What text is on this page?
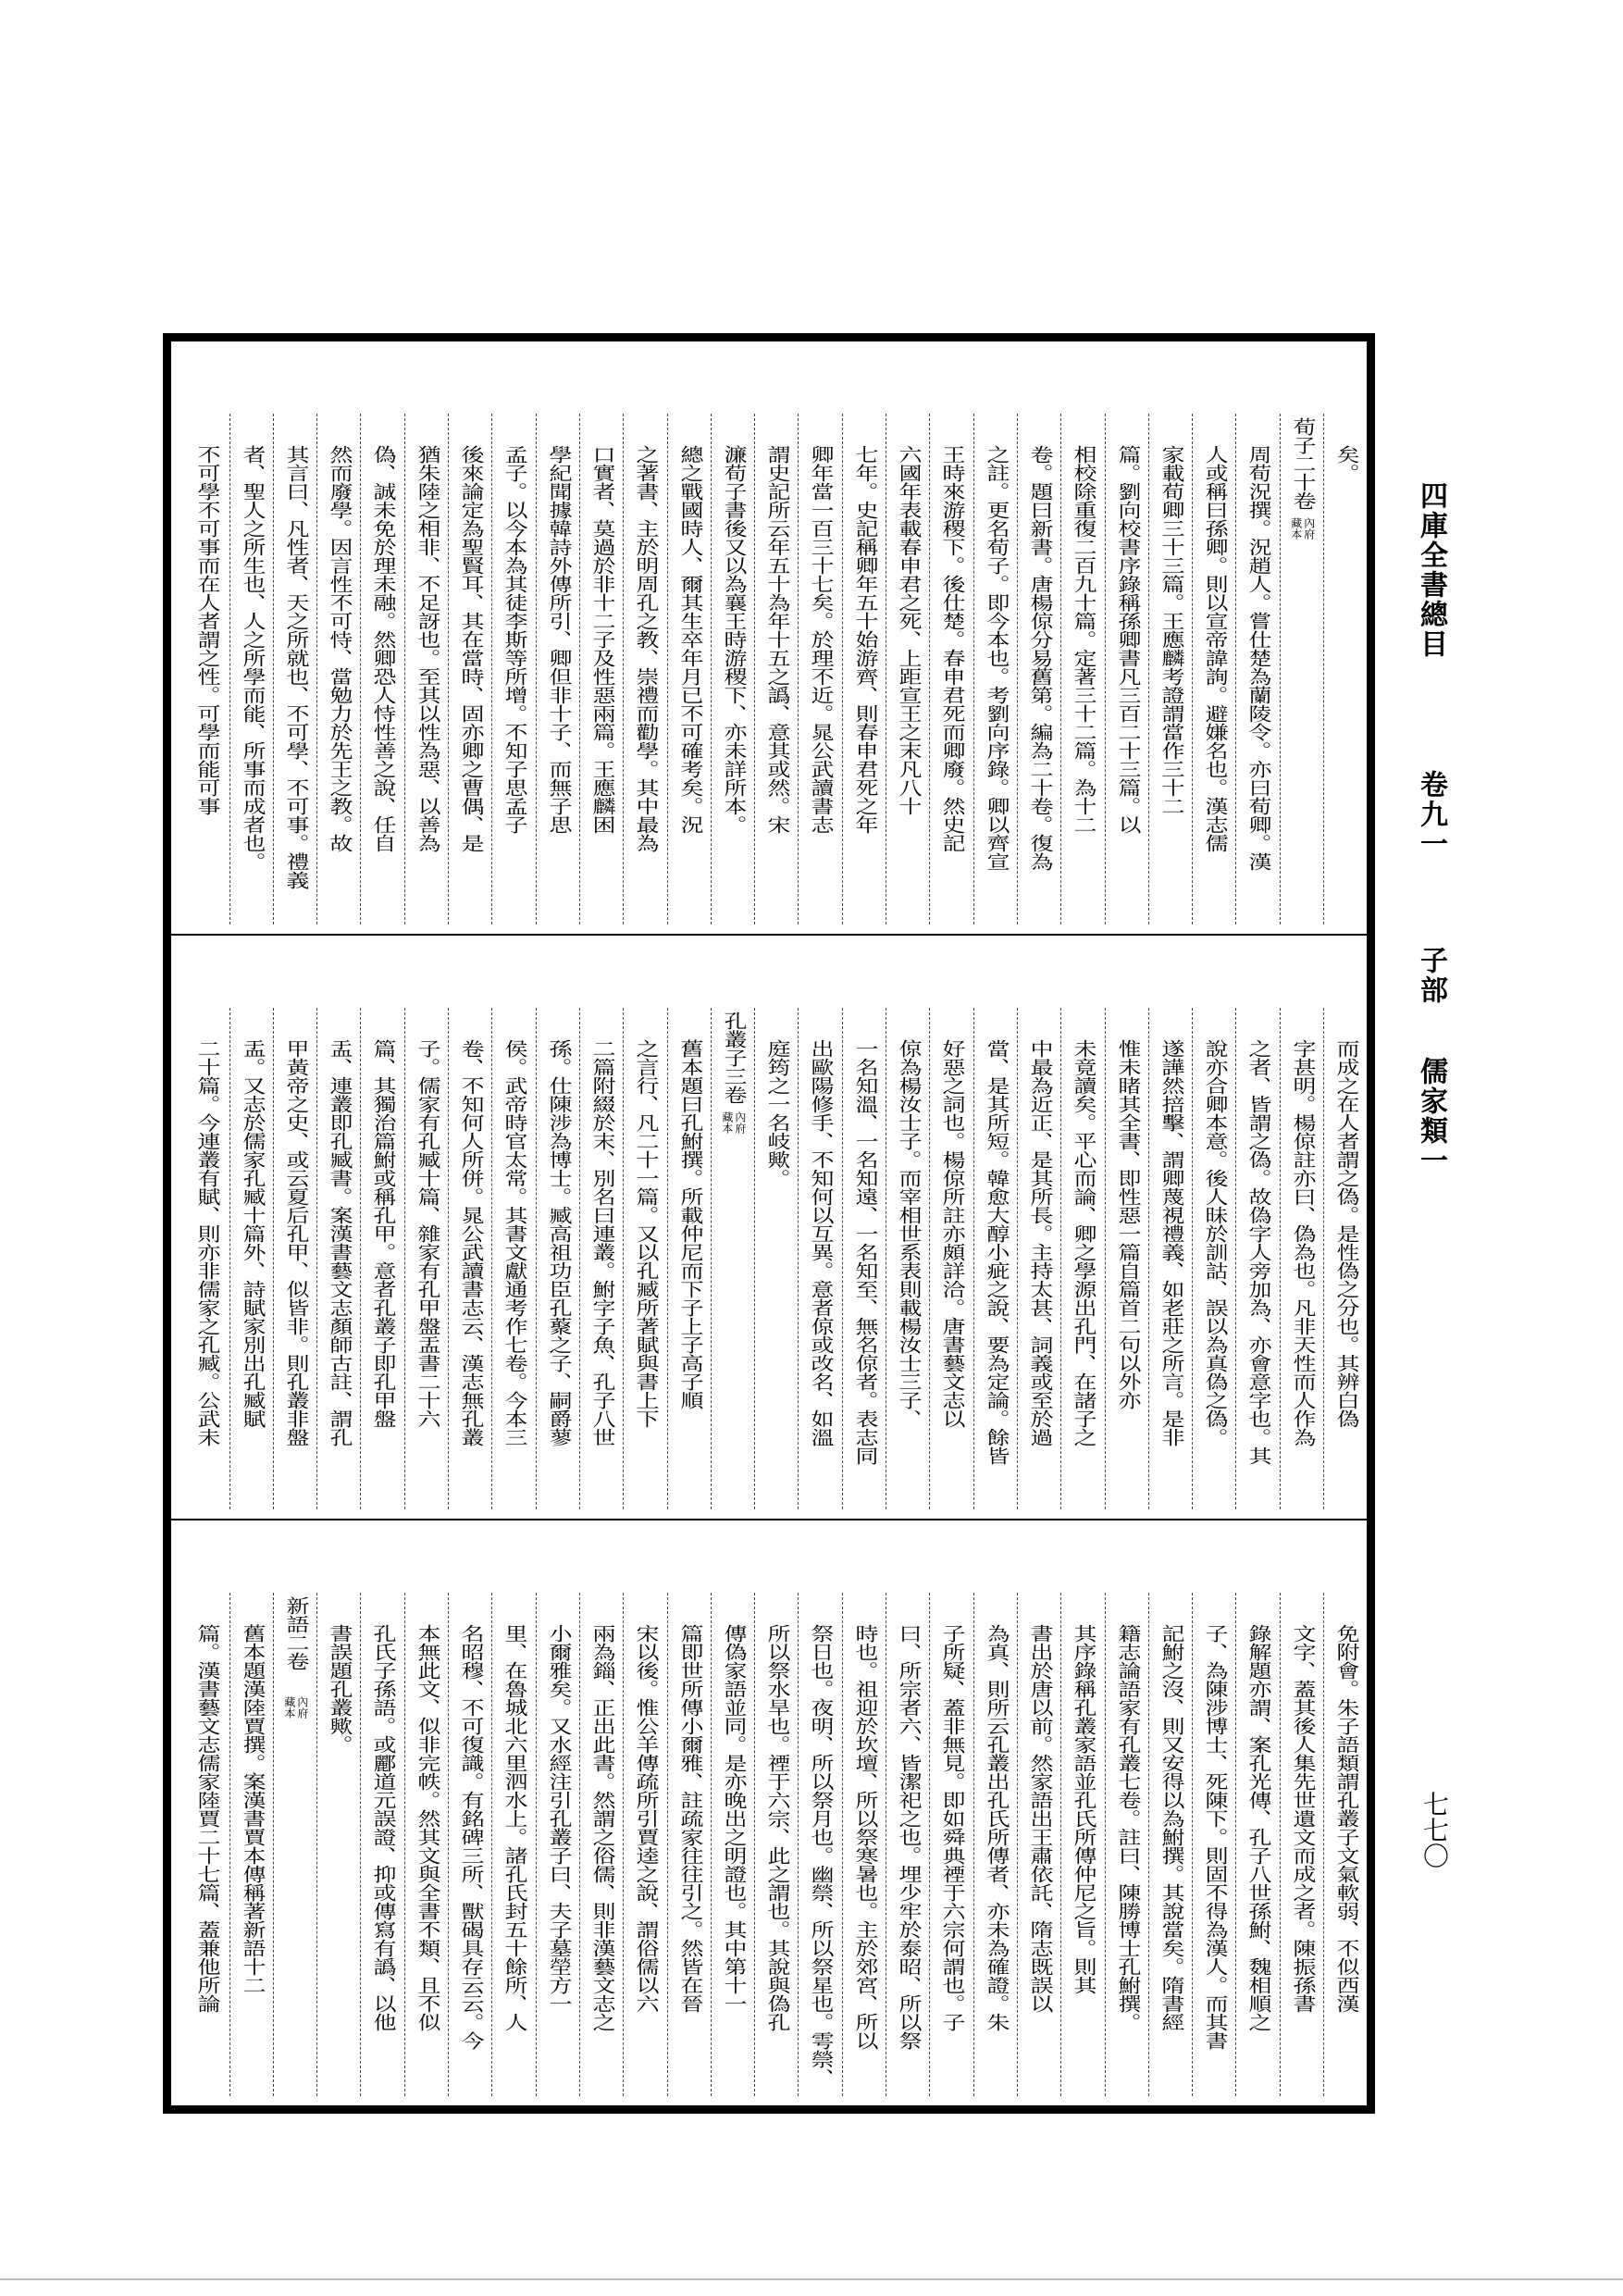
四庫全書總目
卷九一
子部
儒家類一
七七〇
矣。
荀子二十卷
內府藏本
周荀況撰。況趙人。嘗仕楚為蘭陵令。亦曰荀卿。漢
人或稱曰孫卿。則以宣帝諱詢。避嫌名也。漢志儒
家載荀卿三十三篇。王應麟考證謂當作三十二
篇。劉向校書序錄稱孫卿書凡三百二十三篇。以
相校除重復二百九十篇。定著三十二篇。為十二
卷。題曰新書。唐楊倞分易舊第。編為二十卷。復為
之註。更名荀子。即今本也。考劉向序錄。卿以齊宣
王時來游稷下。後仕楚。春申君死而卿廢。然史記
六國年表載春申君之死、上距宣王之末凡八十
七年。史記稱卿年五十始游齊、則春申君死之年
卿年當一百三十七矣。於理不近。晁公武讀書志
謂史記所云年五十為年十五之譌、意其或然。宋
濂荀子書後又以為襄王時游稷下、亦未詳所本。
總之戰國時人、爾其生卒年月已不可確考矣。況
之著書、主於明周孔之教、崇禮而勸學。其中最為
口實者、莫過於非十二子及性惡兩篇。王應麟困
學紀聞據韓詩外傳所引、卿但非十子、而無子思
孟子。以今本為其徒李斯等所增。不知子思孟子
後來論定為聖賢耳、其在當時、固亦卿之曹偶、是
猶朱陸之相非、不足訝也。至其以性為惡、以善為
偽、誠未免於理未融。然卿恐人恃性善之說、任自
然而廢學。因言性不可恃、當勉力於先王之教。故
其言曰、凡性者、天之所就也、不可學、不可事。禮義
者、聖人之所生也、人之所學而能、所事而成者也。
不可學不可事而在人者謂之性。可學而能可事
而成之在人者謂之偽。是性偽之分也。其辨白偽
字甚明。楊倞註亦曰、偽為也。凡非天性而人作為
之者、皆謂之偽。故偽字人旁加為、亦會意字也。其
說亦合卿本意。後人昧於訓詁、誤以為真偽之偽。
遂譁然掊擊、謂卿蔑視禮義、如老莊之所言。是非
惟未睹其全書、即性惡一篇自篇首二句以外亦
未竟讀矣。平心而論、卿之學源出孔門、在諸子之
中最為近正、是其所長。主持太甚、詞義或至於過
當、是其所短。韓愈大醇小疵之說、要為定論。餘皆
好惡之詞也。楊倞所註亦頗詳洽。唐書藝文志以
倞為楊汝士子。而宰相世系表則載楊汝士三子、
一名知溫、一名知遠、一名知至、無名倞者。表志同
出歐陽修手、不知何以互異。意者倞或改名、如溫
庭筠之一名岐歟。
孔叢子三卷
內府藏本
舊本題曰孔鮒撰。所載仲尼而下子上子高子順
之言行、凡二十一篇。又以孔臧所著賦與書上下
二篇附綴於末、別名曰連叢。鮒字子魚、孔子八世
孫。仕陳涉為博士。臧高祖功臣孔藂之子、嗣爵蓼
侯。武帝時官太常。其書文獻通考作七卷。今本三
卷、不知何人所併。晁公武讀書志云、漢志無孔叢
子。儒家有孔臧十篇、雜家有孔甲盤盂書二十六
篇、其獨治篇鮒或稱孔甲。意者孔叢子即孔甲盤
盂、連叢即孔臧書。案漢書藝文志顏師古註、謂孔
甲黃帝之史、或云夏后孔甲、似皆非。則孔叢非盤
盂。又志於儒家孔臧十篇外、詩賦家別出孔臧賦
二十篇。今連叢有賦、則亦非儒家之孔臧。公武未
免附會。朱子語類謂孔叢子文氣軟弱、不似西漢
文字、蓋其後人集先世遺文而成之者。陳振孫書
錄解題亦謂、案孔光傳、孔子八世孫鮒、魏相順之
子、為陳涉博士、死陳下。則固不得為漢人。而其書
記鮒之沒、則又安得以為鮒撰。其說當矣。隋書經
籍志論語家有孔叢七卷。註曰、陳勝博士孔鮒撰。
其序錄稱孔叢家語並孔氏所傳仲尼之旨。則其
書出於唐以前。然家語出王肅依託、隋志既誤以
為真、則所云孔叢出孔氏所傳者、亦未為確證。朱
子所疑、蓋非無見。即如舜典禋于六宗何謂也。子
曰、所宗者六、皆潔祀之也。埋少牢於泰昭、所以祭
時也。祖迎於坎壇、所以祭寒暑也。主於郊宮、所以
祭日也。夜明、所以祭月也。幽禜、所以祭星也。雩禜、
所以祭水旱也。禋于六宗、此之謂也。其說與偽孔
傳偽家語並同。是亦晚出之明證也。其中第十一
篇即世所傳小爾雅、註疏家往往引之。然皆在晉
宋以後。惟公羊傳疏所引賈逵之說、謂俗儒以六
兩為錙、正出此書。然謂之俗儒、則非漢藝文志之
小爾雅矣。又水經注引孔叢子曰、夫子墓塋方一
里、在魯城北六里泗水上。諸孔氏封五十餘所、人
名昭穆、不可復識。有銘碑三所、獸碣具存云云。今
本無此文、似非完帙。然其文與全書不類、且不似
孔氏子孫語。或酈道元誤證、抑或傳寫有譌、以他
書誤題孔叢歟。
新語二卷
內府藏本
舊本題漢陸賈撰。案漢書賈本傳稱著新語十二
篇。漢書藝文志儒家陸賈二十七篇、蓋兼他所論
